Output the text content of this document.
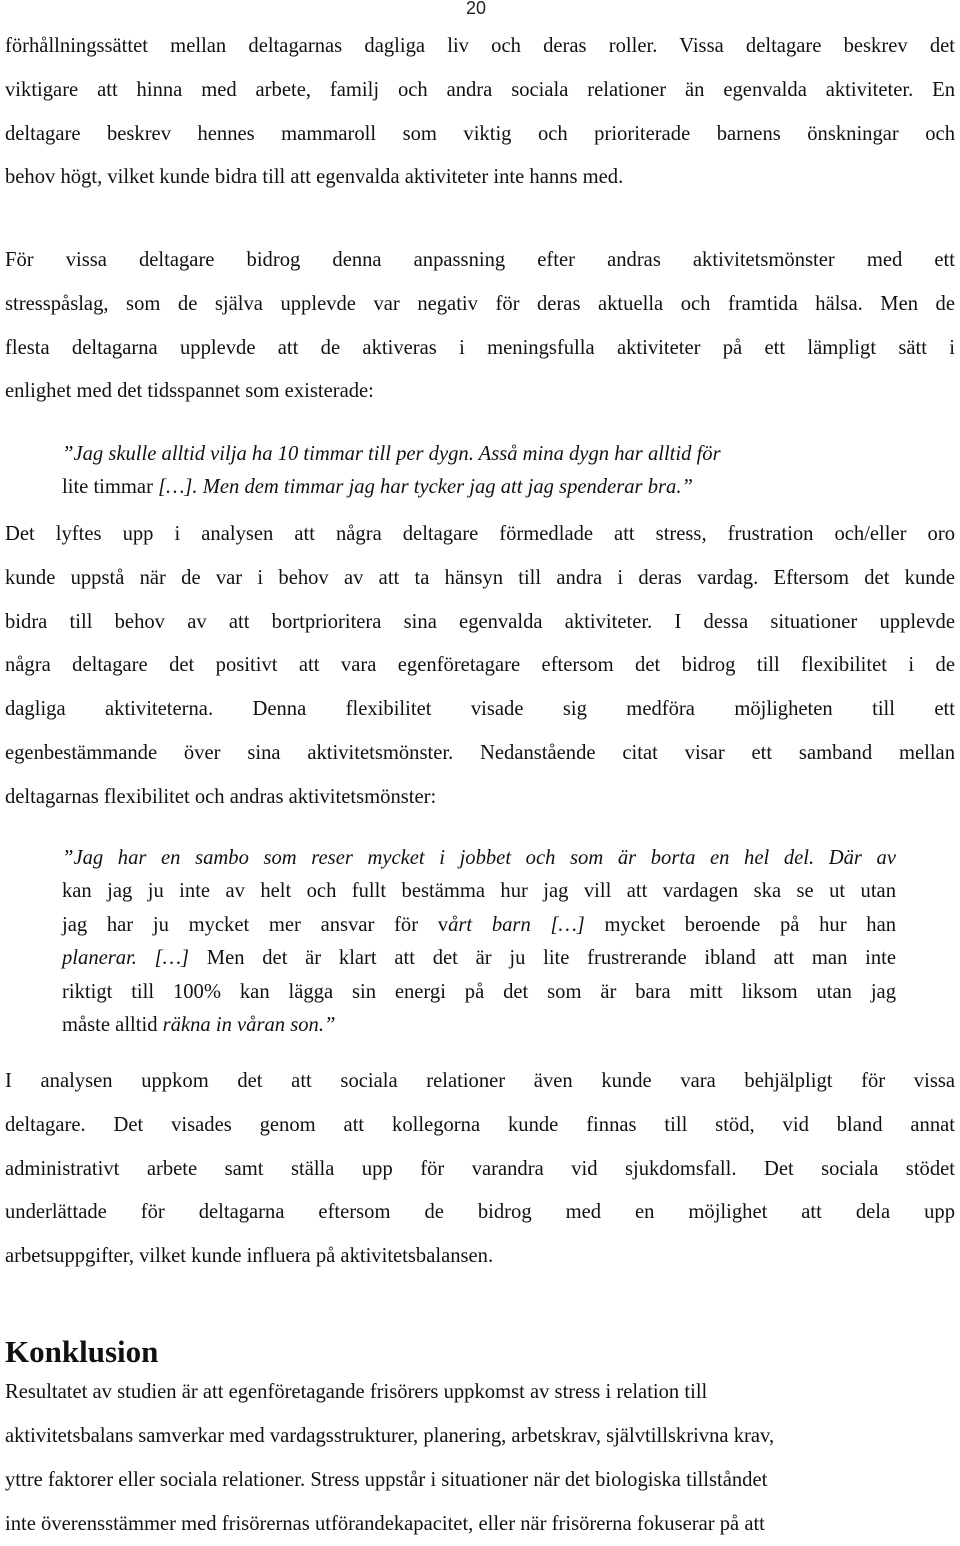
20
förhållningssättet mellan deltagarnas dagliga liv och deras roller. Vissa deltagare beskrev det
viktigare att hinna med arbete, familj och andra sociala relationer än egenvalda aktiviteter. En
deltagare beskrev hennes mammaroll som viktig och prioriterade barnens önskningar och
behov högt, vilket kunde bidra till att egenvalda aktiviteter inte hanns med.
För vissa deltagare bidrog denna anpassning efter andras aktivitetsmönster med ett
stresspåslag, som de själva upplevde var negativ för deras aktuella och framtida hälsa. Men de
flesta deltagarna upplevde att de aktiveras i meningsfulla aktiviteter på ett lämpligt sätt i
enlighet med det tidsspannet som existerade:
”Jag skulle alltid vilja ha 10 timmar till per dygn. Asså mina dygn har alltid för
lite timmar […]. Men dem timmar jag har tycker jag att jag spenderar bra.”
Det lyftes upp i analysen att några deltagare förmedlade att stress, frustration och/eller oro
kunde uppstå när de var i behov av att ta hänsyn till andra i deras vardag. Eftersom det kunde
bidra till behov av att bortprioritera sina egenvalda aktiviteter. I dessa situationer upplevde
några deltagare det positivt att vara egenföretagare eftersom det bidrog till flexibilitet i de
dagliga aktiviteterna. Denna flexibilitet visade sig medföra möjligheten till ett
egenbestämmande över sina aktivitetsmönster. Nedanstående citat visar ett samband mellan
deltagarnas flexibilitet och andras aktivitetsmönster:
”Jag har en sambo som reser mycket i jobbet och som är borta en hel del. Där av
kan jag ju inte av helt och fullt bestämma hur jag vill att vardagen ska se ut utan
jag har ju mycket mer ansvar för vårt barn […] mycket beroende på hur han
planerar. […] Men det är klart att det är ju lite frustrerande ibland att man inte
riktigt till 100% kan lägga sin energi på det som är bara mitt liksom utan jag
måste alltid räkna in våran son.”
I analysen uppkom det att sociala relationer även kunde vara behjälpligt för vissa
deltagare. Det visades genom att kollegorna kunde finnas till stöd, vid bland annat
administrativt arbete samt ställa upp för varandra vid sjukdomsfall. Det sociala stödet
underlättade för deltagarna eftersom de bidrog med en möjlighet att dela upp
arbetsuppgifter, vilket kunde influera på aktivitetsbalansen.
Konklusion
Resultatet av studien är att egenföretagande frisörers uppkomst av stress i relation till
aktivitetsbalans samverkar med vardagsstrukturer, planering, arbetskrav, självtillskrivna krav,
yttre faktorer eller sociala relationer. Stress uppstår i situationer när det biologiska tillståndet
inte överensstämmer med frisörernas utförandekapacitet, eller när frisörerna fokuserar på att
